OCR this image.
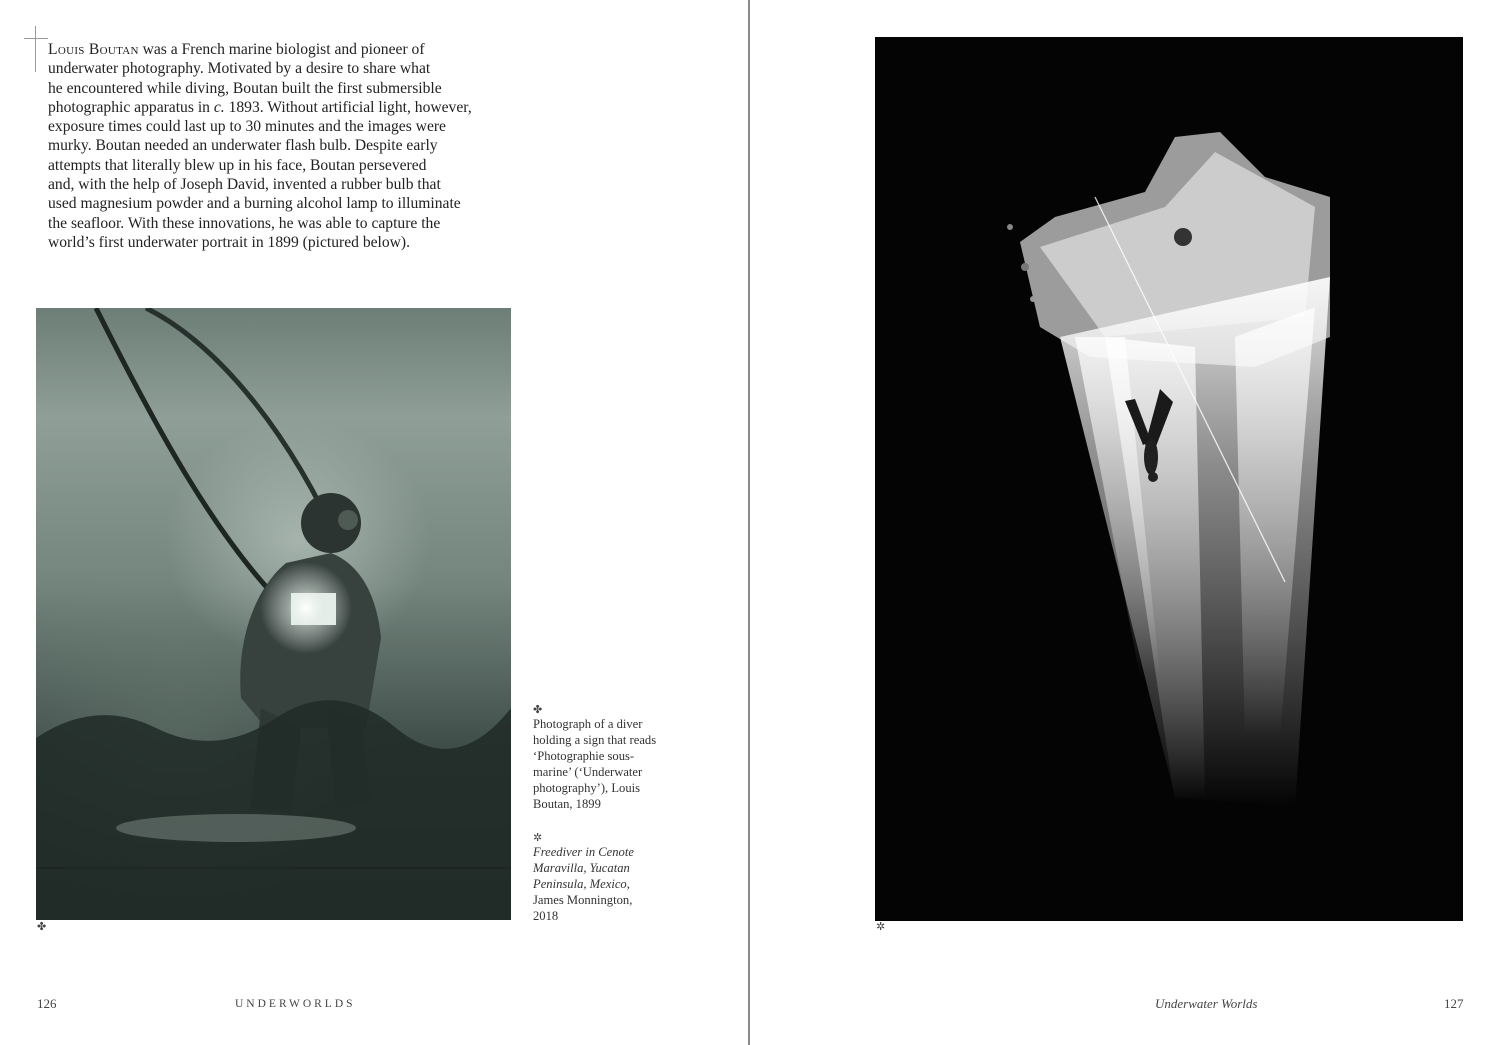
Louis Boutan was a French marine biologist and pioneer of
underwater photography. Motivated by a desire to share what
he encountered while diving, Boutan built the first submersible
photographic apparatus in c. 1893. Without artificial light, however,
exposure times could last up to 30 minutes and the images were
murky. Boutan needed an underwater flash bulb. Despite early
attempts that literally blew up in his face, Boutan persevered
and, with the help of Joseph David, invented a rubber bulb that
used magnesium powder and a burning alcohol lamp to illuminate
the seafloor. With these innovations, he was able to capture the
world’s first underwater portrait in 1899 (pictured below).
✤	✲
✤
Photograph of a diver
holding a sign that reads
‘Photographie sous-
marine’ (‘Underwater
photography’), Louis
Boutan, 1899
✲
Freediver in Cenote
Maravilla, Yucatan
Peninsula, Mexico,
James Monnington,
2018
126	UNDERWORLDS	Underwater Worlds	127
